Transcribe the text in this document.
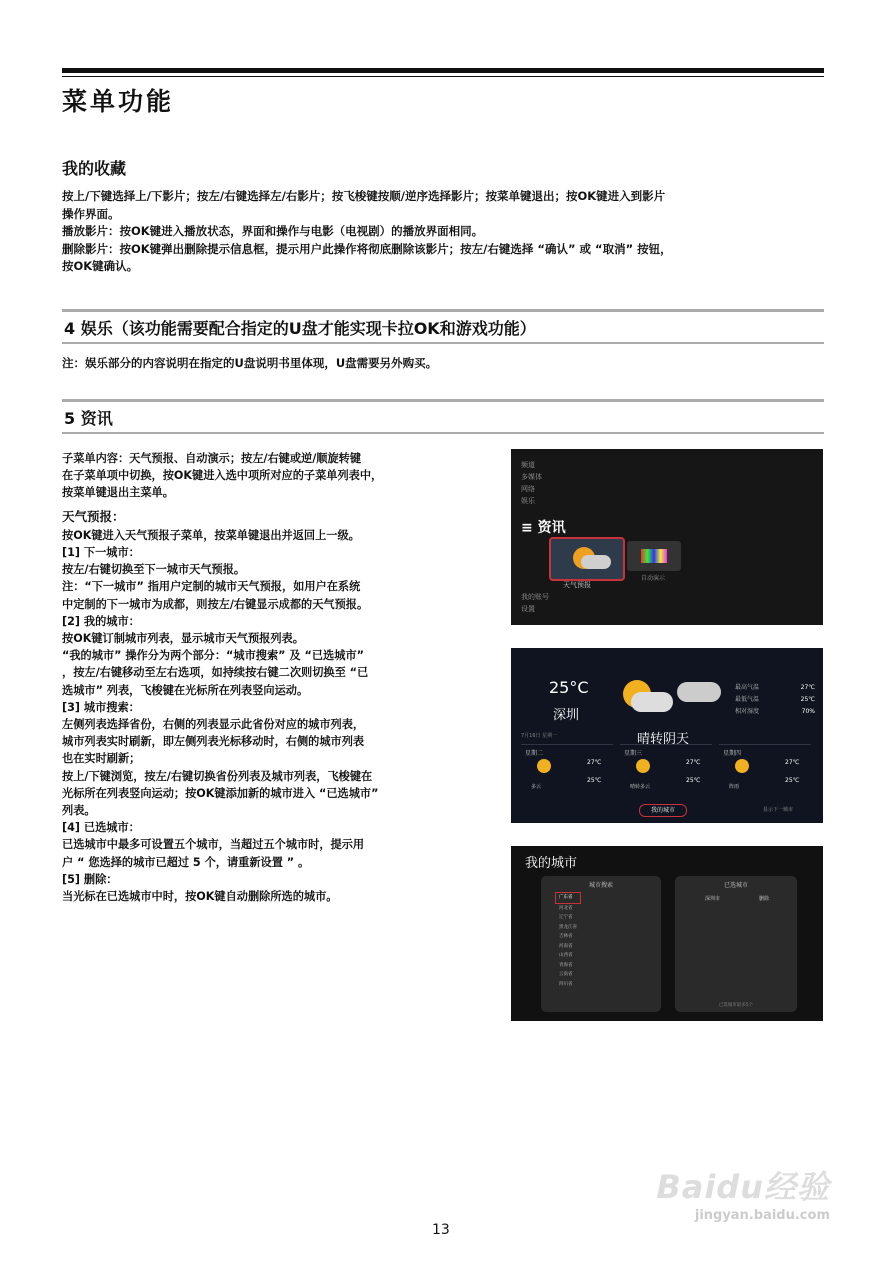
菜单功能
我的收藏

按上/下键选择上/下影片；按左/右键选择左/右影片；按飞梭键按顺/逆序选择影片；按菜单键退出；按OK键进入到影片

操作界面。

播放影片：按OK键进入播放状态，界面和操作与电影（电视剧）的播放界面相同。

删除影片：按OK键弹出删除提示信息框，提示用户此操作将彻底删除该影片；按左/右键选择 “确认” 或 “取消” 按钮，

按OK键确认。

4 娱乐（该功能需要配合指定的U盘才能实现卡拉OK和游戏功能）
注：娱乐部分的内容说明在指定的U盘说明书里体现，U盘需要另外购买。
5 资讯

子菜单内容：天气预报、自动演示；按左/右键或逆/顺旋转键

在子菜单项中切换，按OK键进入选中项所对应的子菜单列表中，

按菜单键退出主菜单。

天气预报：

按OK键进入天气预报子菜单，按菜单键退出并返回上一级。

[1] 下一城市：

按左/右键切换至下一城市天气预报。

注：“下一城市” 指用户定制的城市天气预报，如用户在系统

中定制的下一城市为成都，则按左/右键显示成都的天气预报。

[2] 我的城市：

按OK键订制城市列表，显示城市天气预报列表。

“我的城市” 操作分为两个部分：“城市搜索” 及 “已选城市”

，按左/右键移动至左右选项，如持续按右键二次则切换至 “已

选城市” 列表，飞梭键在光标所在列表竖向运动。

[3] 城市搜索：

左侧列表选择省份，右侧的列表显示此省份对应的城市列表，

城市列表实时刷新，即左侧列表光标移动时，右侧的城市列表

也在实时刷新；

按上/下键浏览，按左/右键切换省份列表及城市列表，飞梭键在

光标所在列表竖向运动；按OK键添加新的城市进入 “已选城市”

列表。

[4] 已选城市：

已选城市中最多可设置五个城市，当超过五个城市时，提示用

户 “ 您选择的城市已超过 5 个，请重新设置 ” 。

[5] 删除：

当光标在已选城市中时，按OK键自动删除所选的城市。

频道
多媒体
网络
娱乐
≡ 资讯
天气预报
自动演示
我的账号
设置
25°C
深圳
最高气温	27℃
最低气温	25℃
相对湿度	70%
晴转阴天
7月16日 星期一
星期二
多云
27℃
25℃
星期三
晴转多云
27℃
25℃
星期四
阵雨
27℃
25℃
我的城市	显示下一城市
我的城市
城市搜索
广东省
河北省
辽宁省
黑龙江省
吉林省
河南省
山西省
青海省
云南省
四川省
已选城市
深圳市	删除
已选城市最多5个
Baidu经验
jingyan.baidu.com
13
